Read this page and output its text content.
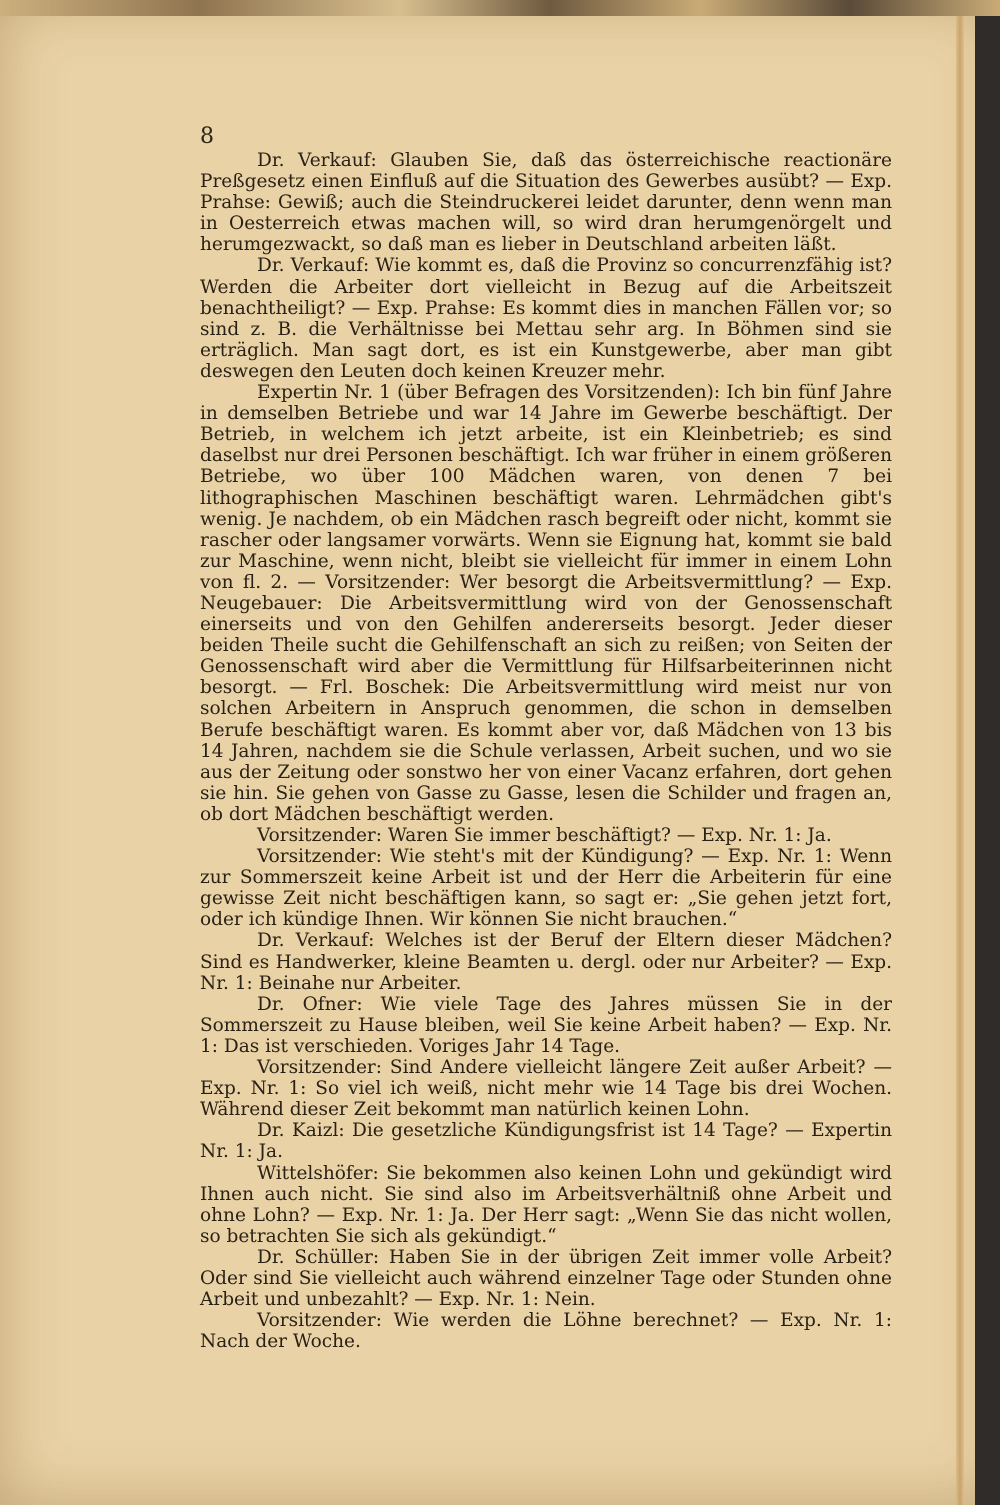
8

Dr. Verkauf: Glauben Sie, daß das österreichische reactionäre Preßgesetz einen Einfluß auf die Situation des Gewerbes ausübt? — Exp. Prahse: Gewiß; auch die Steindruckerei leidet darunter, denn wenn man in Oesterreich etwas machen will, so wird dran herumgenörgelt und herumgezwackt, so daß man es lieber in Deutschland arbeiten läßt.

Dr. Verkauf: Wie kommt es, daß die Provinz so concurrenzfähig ist? Werden die Arbeiter dort vielleicht in Bezug auf die Arbeitszeit benachtheiligt? — Exp. Prahse: Es kommt dies in manchen Fällen vor; so sind z. B. die Verhältnisse bei Mettau sehr arg. In Böhmen sind sie erträglich. Man sagt dort, es ist ein Kunstgewerbe, aber man gibt deswegen den Leuten doch keinen Kreuzer mehr.

Expertin Nr. 1 (über Befragen des Vorsitzenden): Ich bin fünf Jahre in demselben Betriebe und war 14 Jahre im Gewerbe beschäftigt. Der Betrieb, in welchem ich jetzt arbeite, ist ein Kleinbetrieb; es sind daselbst nur drei Personen beschäftigt. Ich war früher in einem größeren Betriebe, wo über 100 Mädchen waren, von denen 7 bei lithographischen Maschinen beschäftigt waren. Lehrmädchen gibt's wenig. Je nachdem, ob ein Mädchen rasch begreift oder nicht, kommt sie rascher oder langsamer vorwärts. Wenn sie Eignung hat, kommt sie bald zur Maschine, wenn nicht, bleibt sie vielleicht für immer in einem Lohn von fl. 2. — Vorsitzender: Wer besorgt die Arbeitsvermittlung? — Exp. Neugebauer: Die Arbeitsvermittlung wird von der Genossenschaft einerseits und von den Gehilfen andererseits besorgt. Jeder dieser beiden Theile sucht die Gehilfenschaft an sich zu reißen; von Seiten der Genossenschaft wird aber die Vermittlung für Hilfsarbeiterinnen nicht besorgt. — Frl. Boschek: Die Arbeitsvermittlung wird meist nur von solchen Arbeitern in Anspruch genommen, die schon in demselben Berufe beschäftigt waren. Es kommt aber vor, daß Mädchen von 13 bis 14 Jahren, nachdem sie die Schule verlassen, Arbeit suchen, und wo sie aus der Zeitung oder sonstwo her von einer Vacanz erfahren, dort gehen sie hin. Sie gehen von Gasse zu Gasse, lesen die Schilder und fragen an, ob dort Mädchen beschäftigt werden.

Vorsitzender: Waren Sie immer beschäftigt? — Exp. Nr. 1: Ja.

Vorsitzender: Wie steht's mit der Kündigung? — Exp. Nr. 1: Wenn zur Sommerszeit keine Arbeit ist und der Herr die Arbeiterin für eine gewisse Zeit nicht beschäftigen kann, so sagt er: „Sie gehen jetzt fort, oder ich kündige Ihnen. Wir können Sie nicht brauchen.“

Dr. Verkauf: Welches ist der Beruf der Eltern dieser Mädchen? Sind es Handwerker, kleine Beamten u. dergl. oder nur Arbeiter? — Exp. Nr. 1: Beinahe nur Arbeiter.

Dr. Ofner: Wie viele Tage des Jahres müssen Sie in der Sommerszeit zu Hause bleiben, weil Sie keine Arbeit haben? — Exp. Nr. 1: Das ist verschieden. Voriges Jahr 14 Tage.

Vorsitzender: Sind Andere vielleicht längere Zeit außer Arbeit? — Exp. Nr. 1: So viel ich weiß, nicht mehr wie 14 Tage bis drei Wochen. Während dieser Zeit bekommt man natürlich keinen Lohn.

Dr. Kaizl: Die gesetzliche Kündigungsfrist ist 14 Tage? — Expertin Nr. 1: Ja.

Wittelshöfer: Sie bekommen also keinen Lohn und gekündigt wird Ihnen auch nicht. Sie sind also im Arbeitsverhältniß ohne Arbeit und ohne Lohn? — Exp. Nr. 1: Ja. Der Herr sagt: „Wenn Sie das nicht wollen, so betrachten Sie sich als gekündigt.“

Dr. Schüller: Haben Sie in der übrigen Zeit immer volle Arbeit? Oder sind Sie vielleicht auch während einzelner Tage oder Stunden ohne Arbeit und unbezahlt? — Exp. Nr. 1: Nein.

Vorsitzender: Wie werden die Löhne berechnet? — Exp. Nr. 1: Nach der Woche.
